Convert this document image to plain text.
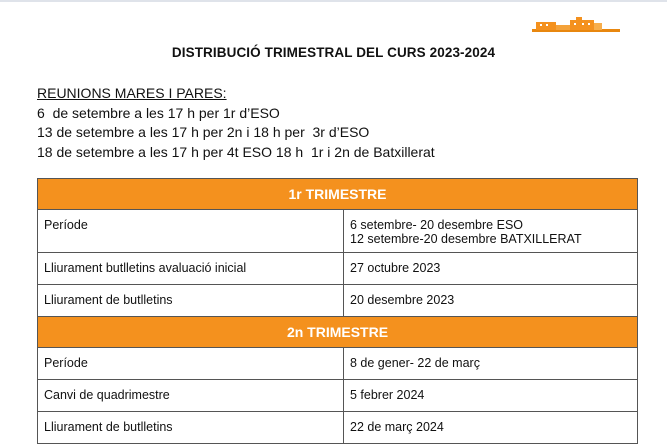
DISTRIBUCIÓ TRIMESTRAL DEL CURS 2023-2024
REUNIONS MARES I PARES:
6  de setembre a les 17 h per 1r d’ESO
13 de setembre a les 17 h per 2n i 18 h per  3r d’ESO
18 de setembre a les 17 h per 4t ESO 18 h  1r i 2n de Batxillerat
1r TRIMESTRE	
Període	6 setembre- 20 desembre ESO
12 setembre-20 desembre BATXILLERAT

Lliurament butlletins avaluació inicial	27 octubre 2023
Lliurament de butlletins	20 desembre 2023
2n TRIMESTRE	
Període	8 de gener- 22 de març
Canvi de quadrimestre	5 febrer 2024
Lliurament de butlletins	22 de març 2024
